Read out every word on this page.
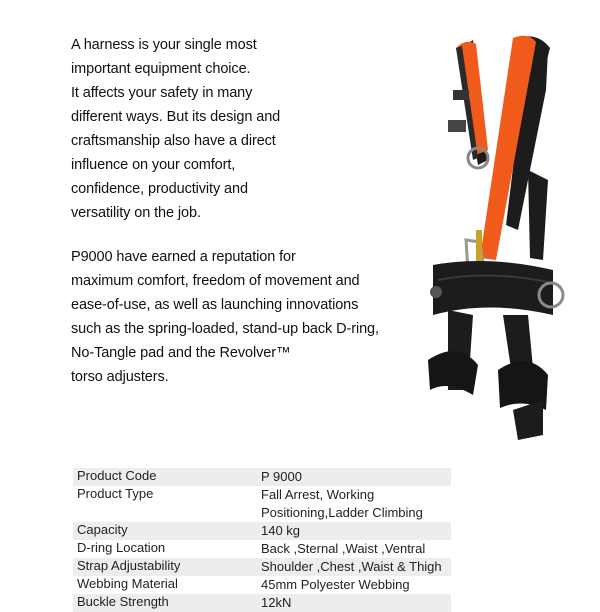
A harness is your single most
important equipment choice.
It affects your safety in many
different ways. But its design and
craftsmanship also have a direct
influence on your comfort,
confidence, productivity and
versatility on the job.
P9000 have earned a reputation for
maximum comfort, freedom of movement and
ease-of-use, as well as launching innovations
such as the spring-loaded, stand-up back D-ring,
No-Tangle pad and the Revolver™
torso adjusters.
Product Code	P 9000

Product Type	Fall Arrest, Working
Positioning,Ladder Climbing

Capacity	140 kg

D-ring Location	Back ,Sternal ,Waist ,Ventral

Strap Adjustability	Shoulder ,Chest ,Waist & Thigh

Webbing Material	45mm Polyester Webbing

Buckle Strength	12kN
